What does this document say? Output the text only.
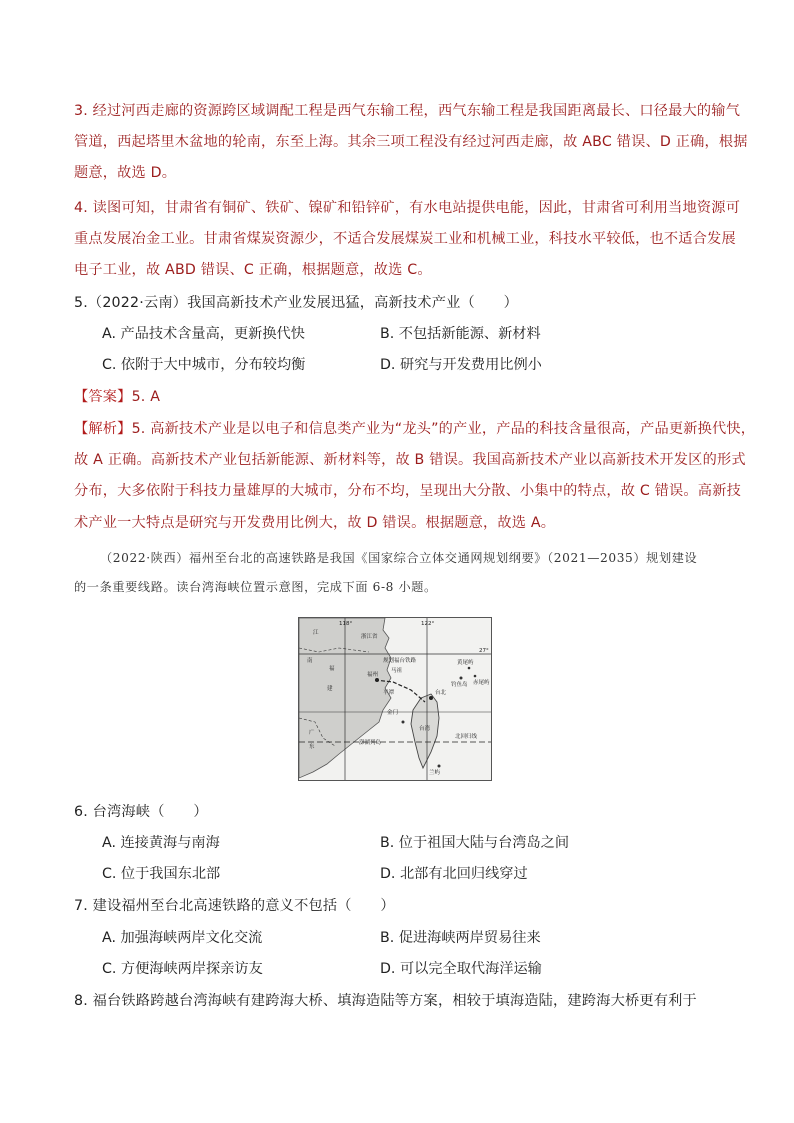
3. 经过河西走廊的资源跨区域调配工程是西气东输工程，西气东输工程是我国距离最长、口径最大的输气
管道，西起塔里木盆地的轮南，东至上海。其余三项工程没有经过河西走廊，故 ABC 错误、D 正确，根据
题意，故选 D。
4. 读图可知，甘肃省有铜矿、铁矿、镍矿和铅锌矿，有水电站提供电能，因此，甘肃省可利用当地资源可
重点发展冶金工业。甘肃省煤炭资源少，不适合发展煤炭工业和机械工业，科技水平较低，也不适合发展
电子工业，故 ABD 错误、C 正确，根据题意，故选 C。
5.（2022·云南）我国高新技术产业发展迅猛，高新技术产业（　　）
A. 产品技术含量高，更新换代快	B. 不包括新能源、新材料
C. 依附于大中城市，分布较均衡	D. 研究与开发费用比例小
【答案】5. A
【解析】5. 高新技术产业是以电子和信息类产业为“龙头”的产业，产品的科技含量很高，产品更新换代快，
故 A 正确。高新技术产业包括新能源、新材料等，故 B 错误。我国高新技术产业以高新技术开发区的形式
分布，大多依附于科技力量雄厚的大城市，分布不均，呈现出大分散、小集中的特点，故 C 错误。高新技
术产业一大特点是研究与开发费用比例大，故 D 错误。根据题意，故选 A。
（2022·陕西）福州至台北的高速铁路是我国《国家综合立体交通网规划纲要》（2021—2035）规划建设
的一条重要线路。读台湾海峡位置示意图，完成下面 6-8 小题。
118°	122°
27°
江
浙江省
南
福
建
福州
平潭
广
东
澎湖列岛
台北
钓鱼岛 赤尾屿
黄尾屿
金门
马祖
台湾
兰屿
北回归线
规划福台铁路
6. 台湾海峡（　　）
A. 连接黄海与南海	B. 位于祖国大陆与台湾岛之间
C. 位于我国东北部	D. 北部有北回归线穿过
7. 建设福州至台北高速铁路的意义不包括（　　）
A. 加强海峡两岸文化交流	B. 促进海峡两岸贸易往来
C. 方便海峡两岸探亲访友	D. 可以完全取代海洋运输
8. 福台铁路跨越台湾海峡有建跨海大桥、填海造陆等方案，相较于填海造陆，建跨海大桥更有利于
